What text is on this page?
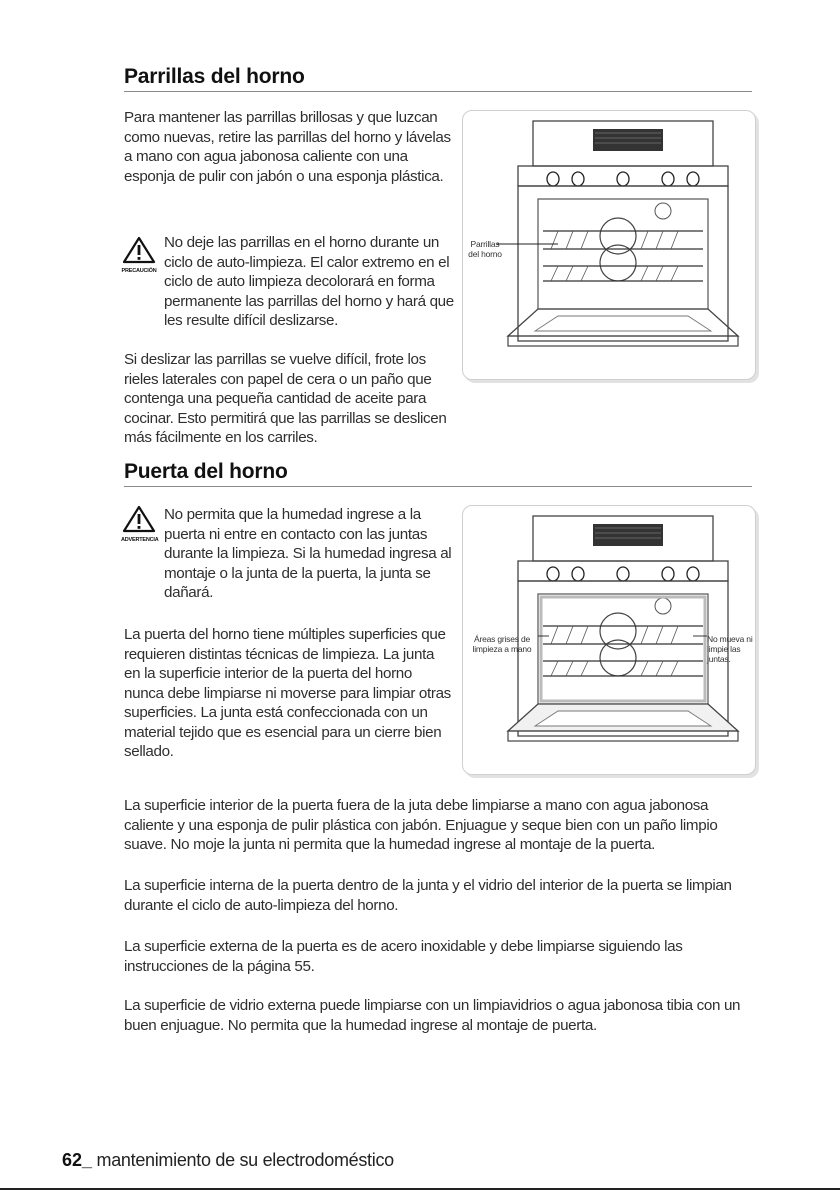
Parrillas del horno

Para mantener las parrillas brillosas y que luzcan como nuevas, retire las parrillas del horno y lávelas a mano con agua jabonosa caliente con una esponja de pulir con jabón o una esponja plástica.

PRECAUCIÓN

No deje las parrillas en el horno durante un ciclo de auto-limpieza. El calor extremo en el ciclo de auto limpieza decolorará en forma permanente las parrillas del horno y hará que les resulte difícil deslizarse.

Si deslizar las parrillas se vuelve difícil, frote los rieles laterales con papel de cera o un paño que contenga una pequeña cantidad de aceite para cocinar. Esto permitirá que las parrillas se deslicen más fácilmente en los carriles.

Parrillas del horno
Puerta del horno
ADVERTENCIA

No permita que la humedad ingrese a la puerta ni entre en contacto con las juntas durante la limpieza. Si la humedad ingresa al montaje o la junta de la puerta, la junta se dañará.

La puerta del horno tiene múltiples superficies que requieren distintas técnicas de limpieza. La junta en la superficie interior de la puerta del horno nunca debe limpiarse ni moverse para limpiar otras superficies. La junta está confeccionada con un material tejido que es esencial para un cierre bien sellado.

Áreas grises de limpieza a mano
No mueva ni limpie las juntas.

La superficie interior de la puerta fuera de la juta debe limpiarse a mano con agua jabonosa caliente y una esponja de pulir plástica con jabón. Enjuague y seque bien con un paño limpio suave. No moje la junta ni permita que la humedad ingrese al montaje de la puerta.

La superficie interna de la puerta dentro de la junta y el vidrio del interior de la puerta se limpian durante el ciclo de auto-limpieza del horno.

La superficie externa de la puerta es de acero inoxidable y debe limpiarse siguiendo las instrucciones de la página 55.

La superficie de vidrio externa puede limpiarse con un limpiavidrios o agua jabonosa tibia con un buen enjuague. No permita que la humedad ingrese al montaje de puerta.

62_ mantenimiento de su electrodoméstico
